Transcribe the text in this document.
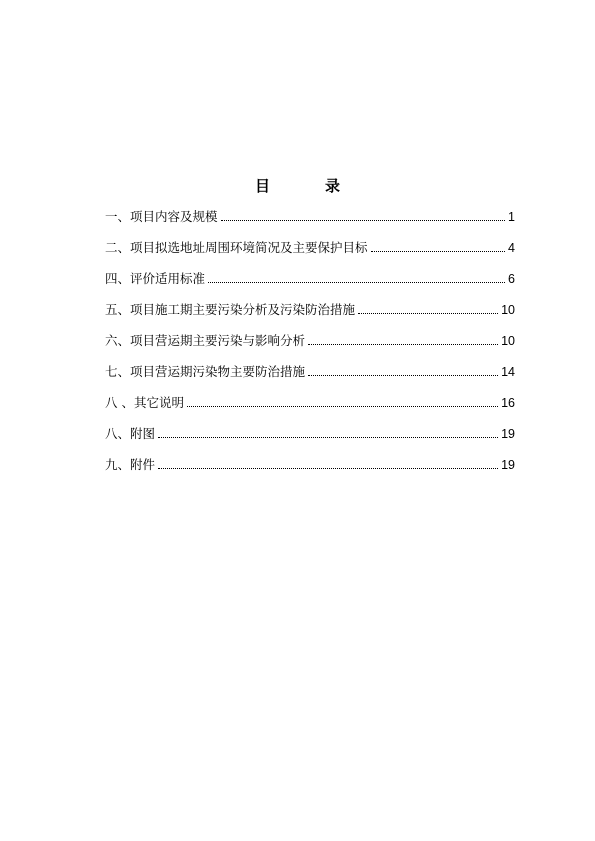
目　录
一、项目内容及规模	1
二、项目拟选地址周围环境简况及主要保护目标	4
四、评价适用标准	6
五、项目施工期主要污染分析及污染防治措施	10
六、项目营运期主要污染与影响分析	10
七、项目营运期污染物主要防治措施	14
八 、其它说明	16
八、附图	19
九、附件	19
